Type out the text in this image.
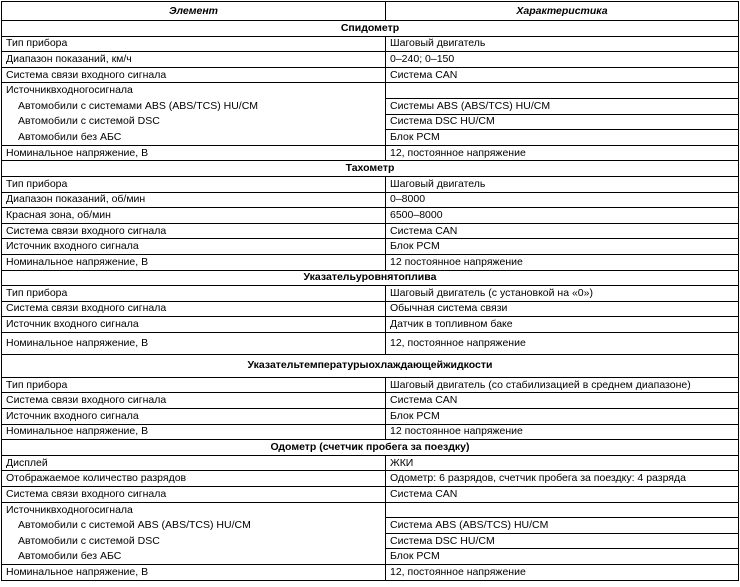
Элемент	Характеристика
Спидометр	
Тип прибора	Шаговый двигатель
Диапазон показаний, км/ч	0–240; 0–150
Система связи входного сигнала	Система CAN
Источниквходногосигнала	
Автомобили с системами ABS (ABS/TCS) HU/CM	Системы ABS (ABS/TCS) HU/CM
Автомобили с системой DSC	Система DSC HU/CM
Автомобили без АБС	Блок PCM
Номинальное напряжение, В	12, постоянное напряжение
Тахометр	
Тип прибора	Шаговый двигатель
Диапазон показаний, об/мин	0–8000
Красная зона, об/мин	6500–8000
Система связи входного сигнала	Система CAN
Источник входного сигнала	Блок PCM
Номинальное напряжение, В	12 постоянное напряжение
Указательуровнятоплива	
Тип прибора	Шаговый двигатель (с установкой на «0»)
Система связи входного сигнала	Обычная система связи
Источник входного сигнала	Датчик в топливном баке
Номинальное напряжение, В	12, постоянное напряжение
Указательтемпературыохлаждающейжидкости	
Тип прибора	Шаговый двигатель (со стабилизацией в среднем диапазоне)
Система связи входного сигнала	Система CAN
Источник входного сигнала	Блок PCM
Номинальное напряжение, В	12 постоянное напряжение
Одометр (счетчик пробега за поездку)	
Дисплей	ЖКИ
Отображаемое количество разрядов	Одометр: 6 разрядов, счетчик пробега за поездку: 4 разряда
Система связи входного сигнала	Система CAN
Источниквходногосигнала	
Автомобили с системой ABS (ABS/TCS) HU/CM	Система ABS (ABS/TCS) HU/CM
Автомобили с системой DSC	Система DSC HU/CM
Автомобили без АБС	Блок PCM
Номинальное напряжение, В	12, постоянное напряжение
